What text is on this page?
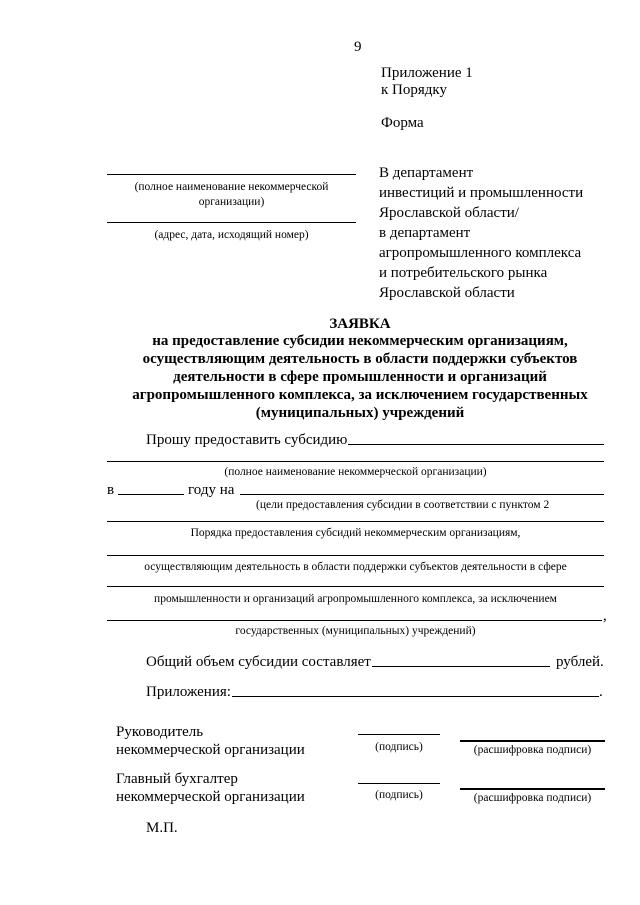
9
Приложение 1
к Порядку
Форма
(полное наименование некоммерческой
организации)
(адрес, дата, исходящий номер)
В департамент
инвестиций и промышленности
Ярославской области/
в департамент
агропромышленного комплекса
и потребительского рынка
Ярославской области
ЗАЯВКА
на предоставление субсидии некоммерческим организациям,
осуществляющим деятельность в области поддержки субъектов
деятельности в сфере промышленности и организаций
агропромышленного комплекса, за исключением государственных
(муниципальных) учреждений
Прошу предоставить субсидию
(полное наименование некоммерческой организации)
в	году на
(цели предоставления субсидии в соответствии с пунктом 2
Порядка предоставления субсидий некоммерческим организациям,
осуществляющим деятельность в области поддержки субъектов деятельности в сфере
промышленности и организаций агропромышленного комплекса, за исключением
,
государственных (муниципальных) учреждений)
Общий объем субсидии составляет	рублей.
Приложения:	.
Руководитель
некоммерческой организации	(подпись)	(расшифровка подписи)
Главный бухгалтер
некоммерческой организации	(подпись)	(расшифровка подписи)
М.П.
